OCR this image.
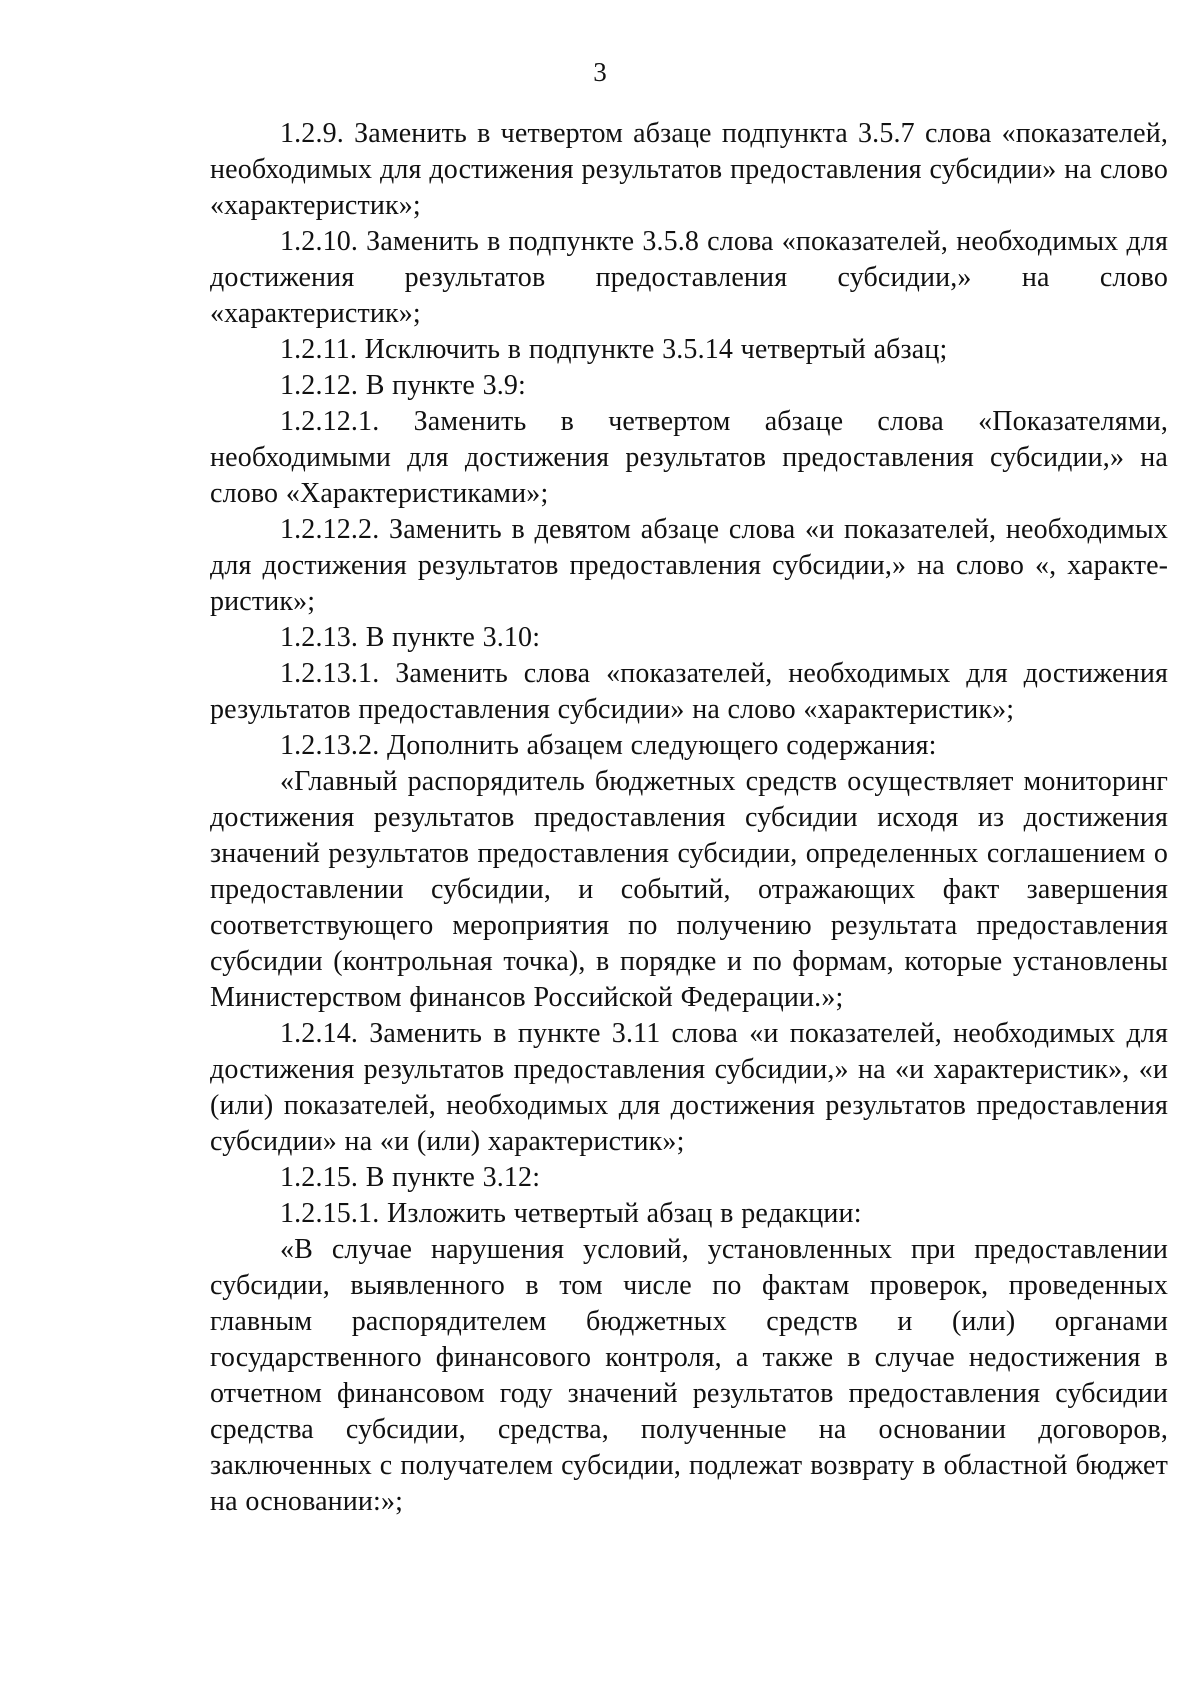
3

1.2.9. Заменить в четвертом абзаце подпункта 3.5.7 слова «показателей, необходимых для достижения результатов предоставления субсидии» на слово «характеристик»;

1.2.10. Заменить в подпункте 3.5.8 слова «показателей, необходимых для достижения результатов предоставления субсидии,» на слово «характеристик»;

1.2.11. Исключить в подпункте 3.5.14 четвертый абзац;

1.2.12. В пункте 3.9:

1.2.12.1. Заменить в четвертом абзаце слова «Показателями, необходимыми для достижения результатов предоставления субсидии,» на слово «Характеристиками»;

1.2.12.2. Заменить в девятом абзаце слова «и показателей, необходимых для достижения результатов предоставления субсидии,» на слово «, характеристик»;

1.2.13. В пункте 3.10:

1.2.13.1. Заменить слова «показателей, необходимых для достижения результатов предоставления субсидии» на слово «характеристик»;

1.2.13.2. Дополнить абзацем следующего содержания:

«Главный распорядитель бюджетных средств осуществляет мониторинг достижения результатов предоставления субсидии исходя из достижения значений результатов предоставления субсидии, определенных соглашением о предоставлении субсидии, и событий, отражающих факт завершения соответствующего мероприятия по получению результата предоставления субсидии (контрольная точка), в порядке и по формам, которые установлены Министерством финансов Российской Федерации.»;

1.2.14. Заменить в пункте 3.11 слова «и показателей, необходимых для достижения результатов предоставления субсидии,» на «и характеристик», «и (или) показателей, необходимых для достижения результатов предоставления субсидии» на «и (или) характеристик»;

1.2.15. В пункте 3.12:

1.2.15.1. Изложить четвертый абзац в редакции:

«В случае нарушения условий, установленных при предоставлении субсидии, выявленного в том числе по фактам проверок, проведенных главным распорядителем бюджетных средств и (или) органами государственного финансового контроля, а также в случае недостижения в отчетном финансовом году значений результатов предоставления субсидии средства субсидии, средства, полученные на основании договоров, заключенных с получателем субсидии, подлежат возврату в областной бюджет на основании:»;
